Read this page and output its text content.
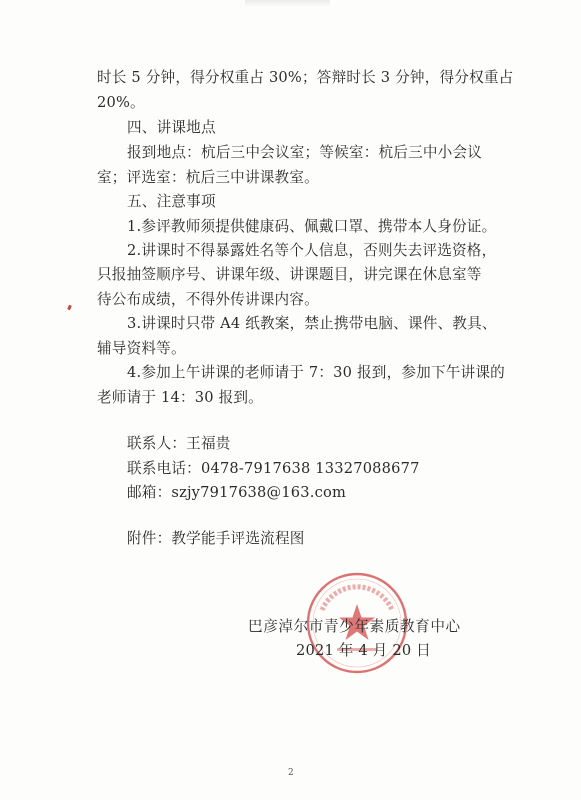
时长 5 分钟，得分权重占 30%；答辩时长 3 分钟，得分权重占
20%。
四、讲课地点
报到地点：杭后三中会议室；等候室：杭后三中小会议
室；评选室：杭后三中讲课教室。
五、注意事项
1.参评教师须提供健康码、佩戴口罩、携带本人身份证。
2.讲课时不得暴露姓名等个人信息，否则失去评选资格，
只报抽签顺序号、讲课年级、讲课题目，讲完课在休息室等
待公布成绩，不得外传讲课内容。
3.讲课时只带 A4 纸教案，禁止携带电脑、课件、教具、
辅导资料等。
4.参加上午讲课的老师请于 7：30 报到，参加下午讲课的
老师请于 14：30 报到。
联系人：王福贵
联系电话：0478-7917638 13327088677
邮箱：szjy7917638@163.com
附件：教学能手评选流程图
巴彦淖尔市青少年素质教育中心
2021 年 4 月 20 日
2
